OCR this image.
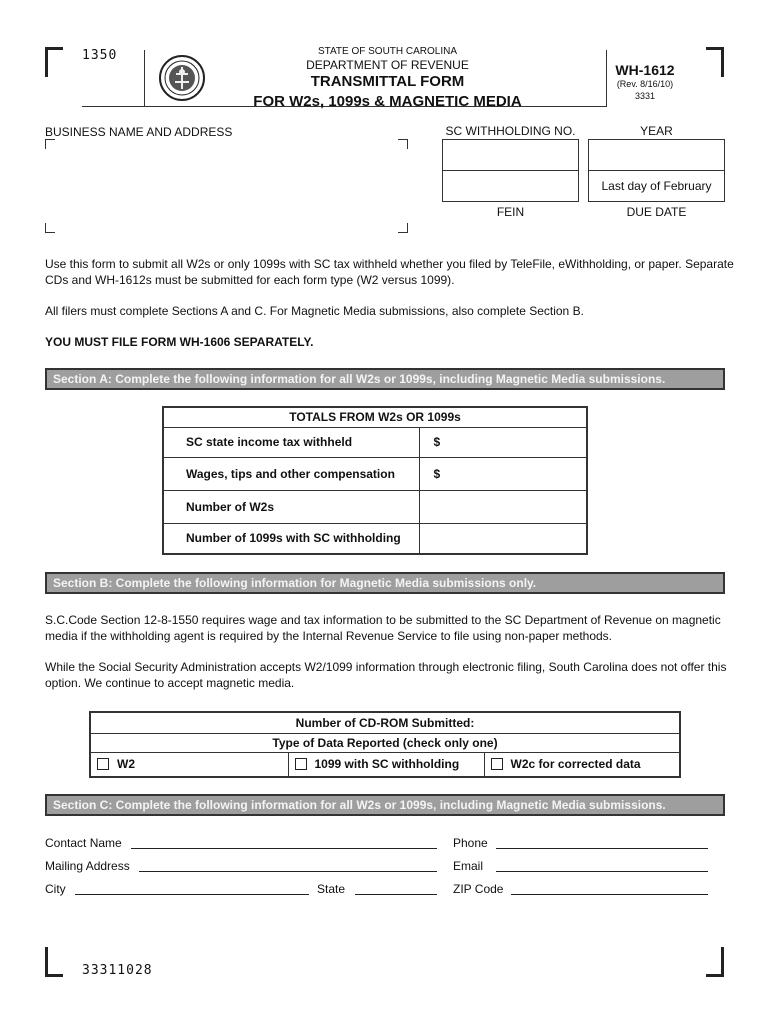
1350	STATE OF SOUTH CAROLINA
DEPARTMENT OF REVENUE
TRANSMITTAL FORM
FOR W2s, 1099s & MAGNETIC MEDIA
WH-1612
(Rev. 8/16/10)
3331
BUSINESS NAME AND ADDRESS	SC WITHHOLDING NO.	YEAR
Last day of February
FEIN	DUE DATE
Use this form to submit all W2s or only 1099s with SC tax withheld whether you filed by TeleFile, eWithholding, or paper. Separate CDs and WH-1612s must be submitted for each form type (W2 versus 1099).
All filers must complete Sections A and C. For Magnetic Media submissions, also complete Section B.
YOU MUST FILE FORM WH-1606 SEPARATELY.
Section A: Complete the following information for all W2s or 1099s, including Magnetic Media submissions.
TOTALS FROM W2s OR 1099s	
SC state income tax withheld	$
Wages, tips and other compensation	$
Number of W2s	
Number of 1099s with SC withholding	
Section B: Complete the following information for Magnetic Media submissions only.
S.C.Code Section 12-8-1550 requires wage and tax information to be submitted to the SC Department of Revenue on magnetic media if the withholding agent is required by the Internal Revenue Service to file using non-paper methods.
While the Social Security Administration accepts W2/1099 information through electronic filing, South Carolina does not offer this option. We continue to accept magnetic media.
Number of CD-ROM Submitted:
Type of Data Reported (check only one)
W2	1099 with SC withholding	W2c for corrected data
Section C: Complete the following information for all W2s or 1099s, including Magnetic Media submissions.
Contact Name	Phone
Mailing Address	Email
City	State	ZIP Code
33311028
